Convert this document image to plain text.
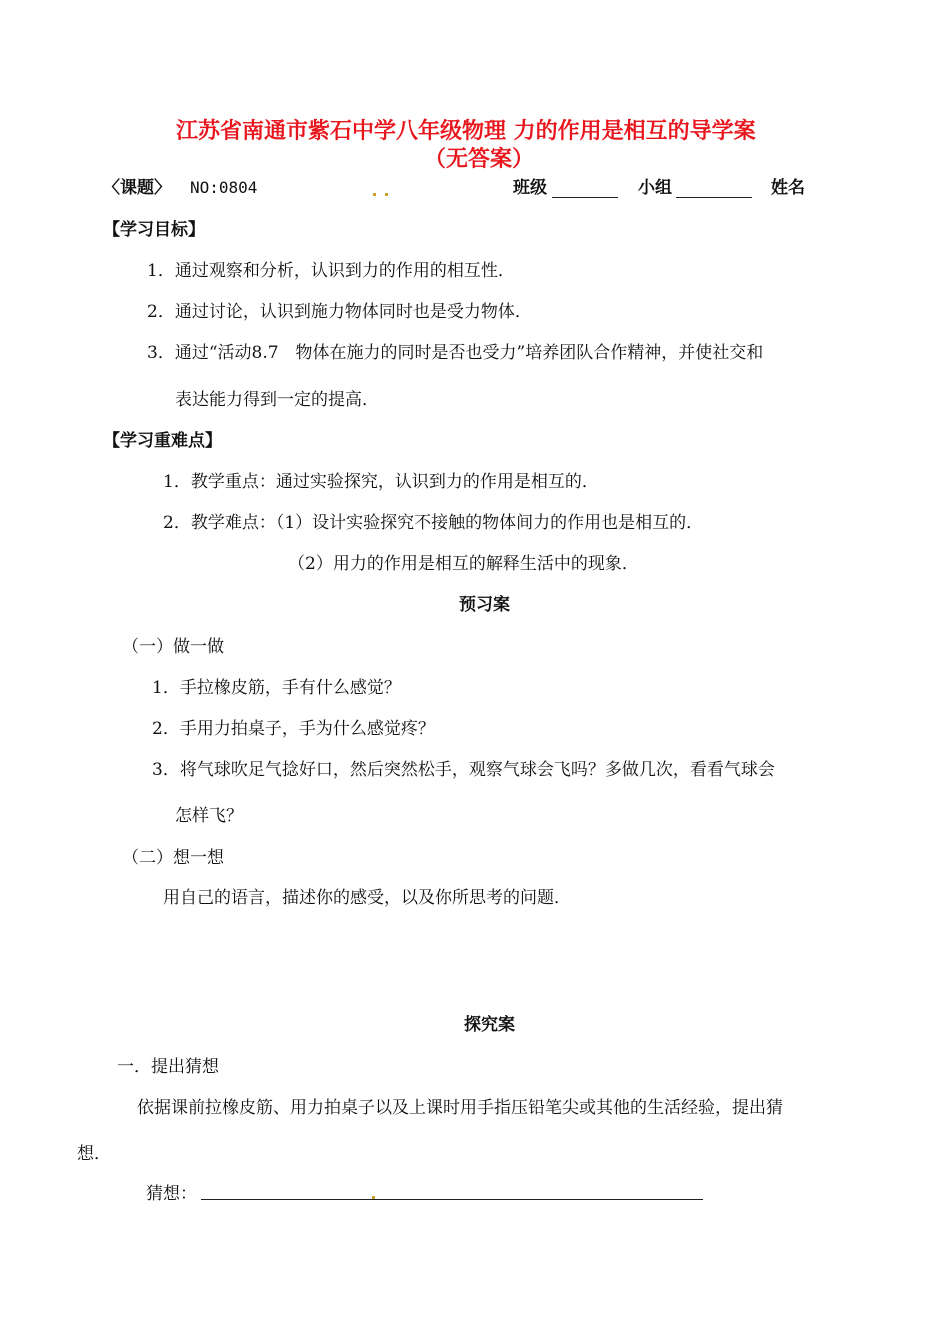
江苏省南通市紫石中学八年级物理 力的作用是相互的导学案
（无答案）
〈课题〉 NO:0804	班级	小组	姓名
【学习目标】
1．通过观察和分析，认识到力的作用的相互性．
2．通过讨论，认识到施力物体同时也是受力物体．
3．通过“活动8.7　物体在施力的同时是否也受力”培养团队合作精神，并使社交和
表达能力得到一定的提高．
【学习重难点】
1．教学重点：通过实验探究，认识到力的作用是相互的．
2．教学难点：（1）设计实验探究不接触的物体间力的作用也是相互的．
（2）用力的作用是相互的解释生活中的现象．
预习案
（一）做一做
1．手拉橡皮筋，手有什么感觉？
2．手用力拍桌子，手为什么感觉疼？
3．将气球吹足气捻好口，然后突然松手，观察气球会飞吗？多做几次，看看气球会
怎样飞？
（二）想一想
用自己的语言，描述你的感受，以及你所思考的问题．
探究案
一．提出猜想
依据课前拉橡皮筋、用力拍桌子以及上课时用手指压铅笔尖或其他的生活经验，提出猜
想．
猜想：
